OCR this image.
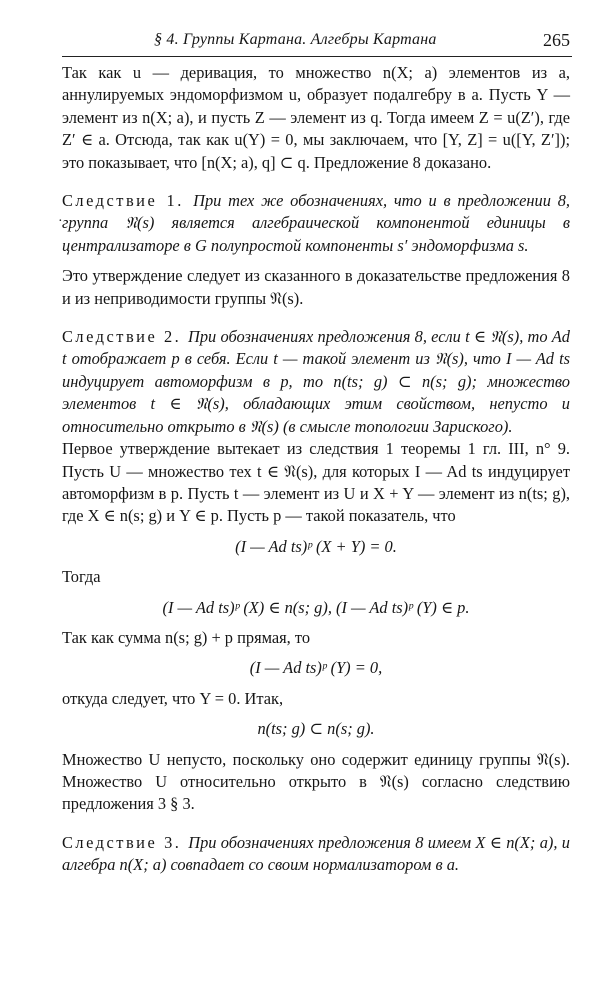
§ 4. Группы Картана. Алгебры Картана	265
·

Так как u — деривация, то множество n(X; a) элементов из a, аннулируемых эндоморфизмом u, образует подалгебру в a. Пусть Y — элемент из n(X; a), и пусть Z — элемент из q. Тогда имеем Z = u(Z′), где Z′ ∈ a. Отсюда, так как u(Y) = 0, мы заключаем, что [Y, Z] = u([Y, Z′]); это показывает, что [n(X; a), q] ⊂ q. Предложение 8 доказано.

Следствие 1. При тех же обозначениях, что и в предложении 8, группа 𝔑(s) является алгебраической компонентой единицы в централизаторе в G полупростой компоненты s′ эндоморфизма s.

Это утверждение следует из сказанного в доказательстве предложения 8 и из неприводимости группы 𝔑(s).

Следствие 2. При обозначениях предложения 8, если t ∈ 𝔑(s), то Ad t отображает p в себя. Если t — такой элемент из 𝔑(s), что I — Ad ts индуцирует автоморфизм в p, то n(ts; g) ⊂ n(s; g); множество элементов t ∈ 𝔑(s), обладающих этим свойством, непусто и относительно открыто в 𝔑(s) (в смысле топологии Зариского).

Первое утверждение вытекает из следствия 1 теоремы 1 гл. III, n° 9. Пусть U — множество тех t ∈ 𝔑(s), для которых I — Ad ts индуцирует автоморфизм в p. Пусть t — элемент из U и X + Y — элемент из n(ts; g), где X ∈ n(s; g) и Y ∈ p. Пусть p — такой показатель, что

(I — Ad ts)ᵖ (X + Y) = 0.

Тогда

(I — Ad ts)ᵖ (X) ∈ n(s; g), (I — Ad ts)ᵖ (Y) ∈ p.

Так как сумма n(s; g) + p прямая, то

(I — Ad ts)ᵖ (Y) = 0,

откуда следует, что Y = 0. Итак,

n(ts; g) ⊂ n(s; g).

Множество U непусто, поскольку оно содержит единицу группы 𝔑(s). Множество U относительно открыто в 𝔑(s) согласно следствию предложения 3 § 3.

Следствие 3. При обозначениях предложения 8 имеем X ∈ n(X; a), и алгебра n(X; a) совпадает со своим нормализатором в a.
